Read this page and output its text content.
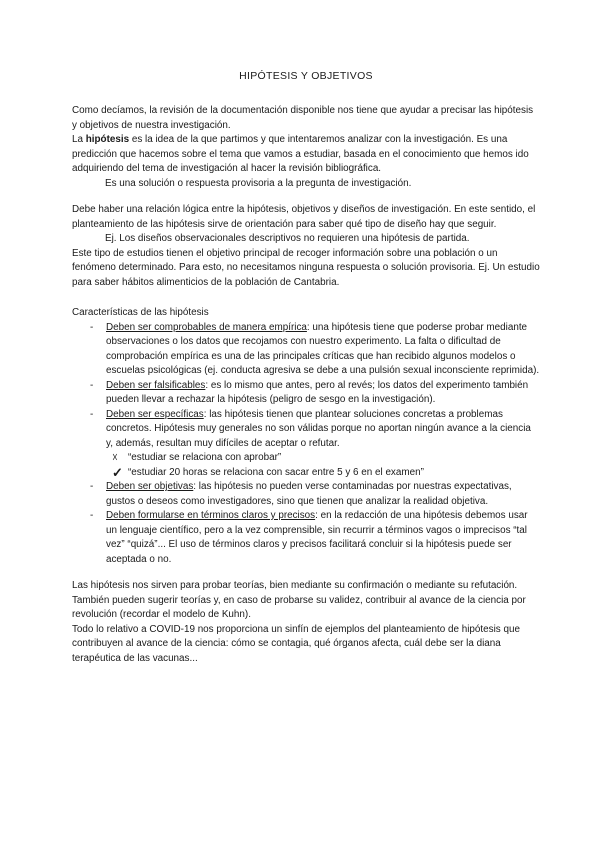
HIPÓTESIS Y OBJETIVOS

Como decíamos, la revisión de la documentación disponible nos tiene que ayudar a precisar las hipótesis y objetivos de nuestra investigación.

La hipótesis es la idea de la que partimos y que intentaremos analizar con la investigación. Es una predicción que hacemos sobre el tema que vamos a estudiar, basada en el conocimiento que hemos ido adquiriendo del tema de investigación al hacer la revisión bibliográfica.

Es una solución o respuesta provisoria a la pregunta de investigación.

Debe haber una relación lógica entre la hipótesis, objetivos y diseños de investigación. En este sentido, el planteamiento de las hipótesis sirve de orientación para saber qué tipo de diseño hay que seguir.

Ej. Los diseños observacionales descriptivos no requieren una hipótesis de partida.

Este tipo de estudios tienen el objetivo principal de recoger información sobre una población o un fenómeno determinado. Para esto, no necesitamos ninguna respuesta o solución provisoria. Ej. Un estudio para saber hábitos alimenticios de la población de Cantabria.

Características de las hipótesis

- Deben ser comprobables de manera empírica: una hipótesis tiene que poderse probar mediante observaciones o los datos que recojamos con nuestro experimento. La falta o dificultad de comprobación empírica es una de las principales críticas que han recibido algunos modelos o escuelas psicológicas (ej. conducta agresiva se debe a una pulsión sexual inconsciente reprimida).
- Deben ser falsificables: es lo mismo que antes, pero al revés; los datos del experimento también pueden llevar a rechazar la hipótesis (peligro de sesgo en la investigación).
- Deben ser específicas: las hipótesis tienen que plantear soluciones concretas a problemas concretos. Hipótesis muy generales no son válidas porque no aportan ningún avance a la ciencia y, además, resultan muy difíciles de aceptar o refutar.
☓ “estudiar se relaciona con aprobar”
✓ “estudiar 20 horas se relaciona con sacar entre 5 y 6 en el examen”
- Deben ser objetivas: las hipótesis no pueden verse contaminadas por nuestras expectativas, gustos o deseos como investigadores, sino que tienen que analizar la realidad objetiva.
- Deben formularse en términos claros y precisos: en la redacción de una hipótesis debemos usar un lenguaje científico, pero a la vez comprensible, sin recurrir a términos vagos o imprecisos “tal vez” “quizá”... El uso de términos claros y precisos facilitará concluir si la hipótesis puede ser aceptada o no.

Las hipótesis nos sirven para probar teorías, bien mediante su confirmación o mediante su refutación. También pueden sugerir teorías y, en caso de probarse su validez, contribuir al avance de la ciencia por revolución (recordar el modelo de Kuhn).

Todo lo relativo a COVID-19 nos proporciona un sinfín de ejemplos del planteamiento de hipótesis que contribuyen al avance de la ciencia: cómo se contagia, qué órganos afecta, cuál debe ser la diana terapéutica de las vacunas...
